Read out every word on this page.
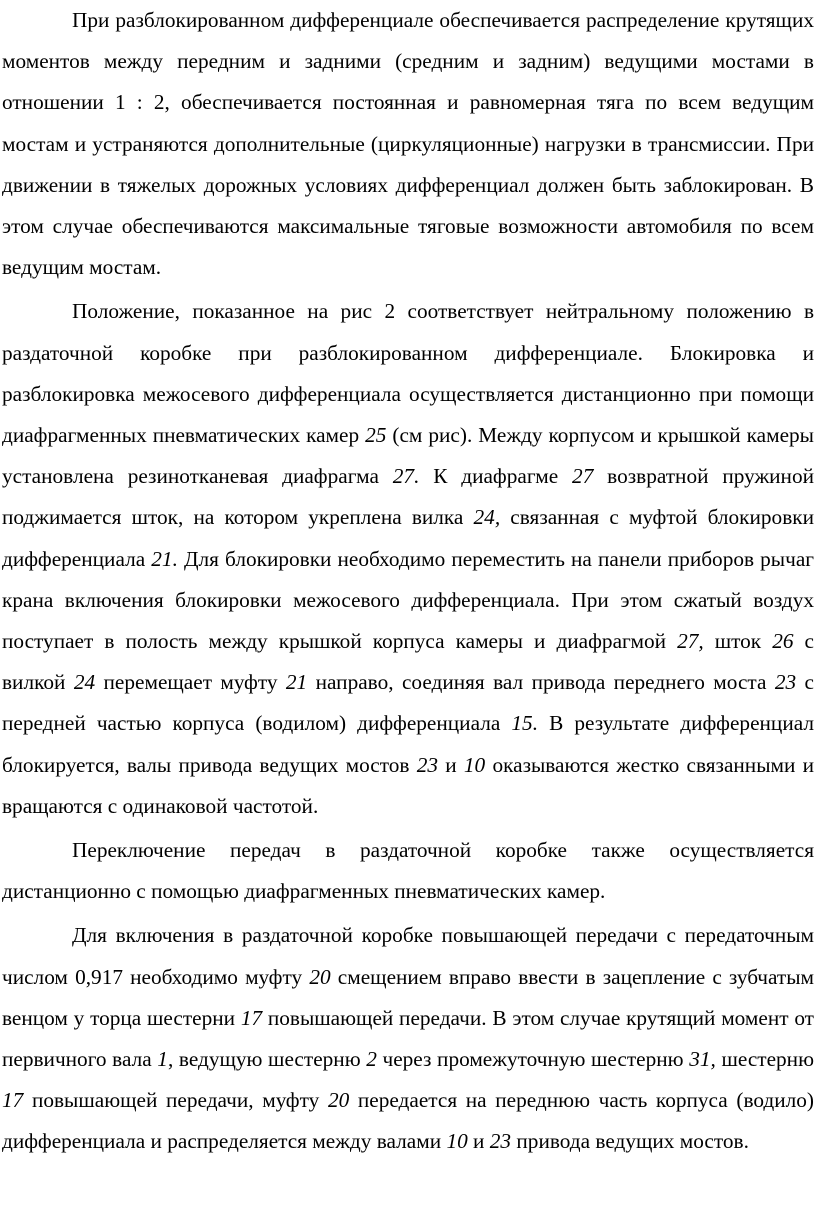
При разблокированном дифференциале обеспечивается распределение крутящих моментов между передним и задними (средним и задним) ведущими мостами в отношении 1 : 2, обеспечивается постоянная и равномерная тяга по всем ведущим мостам и устраняются дополнительные (циркуляционные) нагрузки в трансмиссии. При движении в тяжелых дорожных условиях дифференциал должен быть заблокирован. В этом случае обеспечиваются максимальные тяговые возможности автомобиля по всем ведущим мостам.

Положение, показанное на рис 2 соответствует нейтральному положению в раздаточной коробке при разблокированном дифференциале. Блокировка и разблокировка межосевого дифференциала осуществляется дистанционно при помощи диафрагменных пневматических камер 25 (см рис). Между корпусом и крышкой камеры установлена резинотканевая диафрагма 27. К диафрагме 27 возвратной пружиной поджимается шток, на котором укреплена вилка 24, связанная с муфтой блокировки дифференциала 21. Для блокировки необходимо переместить на панели приборов рычаг крана включения блокировки межосевого дифференциала. При этом сжатый воздух поступает в полость между крышкой корпуса камеры и диафрагмой 27, шток 26 с вилкой 24 перемещает муфту 21 направо, соединяя вал привода переднего моста 23 с передней частью корпуса (водилом) дифференциала 15. В результате дифференциал блокируется, валы привода ведущих мостов 23 и 10 оказываются жестко связанными и вращаются с одинаковой частотой.

Переключение передач в раздаточной коробке также осуществляется дистанционно с помощью диафрагменных пневматических камер.

Для включения в раздаточной коробке повышающей передачи с передаточным числом 0,917 необходимо муфту 20 смещением вправо ввести в зацепление с зубчатым венцом у торца шестерни 17 повышающей передачи. В этом случае крутящий момент от первичного вала 1, ведущую шестерню 2 через промежуточную шестерню 31, шестерню 17 повышающей передачи, муфту 20 передается на переднюю часть корпуса (водило) дифференциала и распределяется между валами 10 и 23 привода ведущих мостов.
